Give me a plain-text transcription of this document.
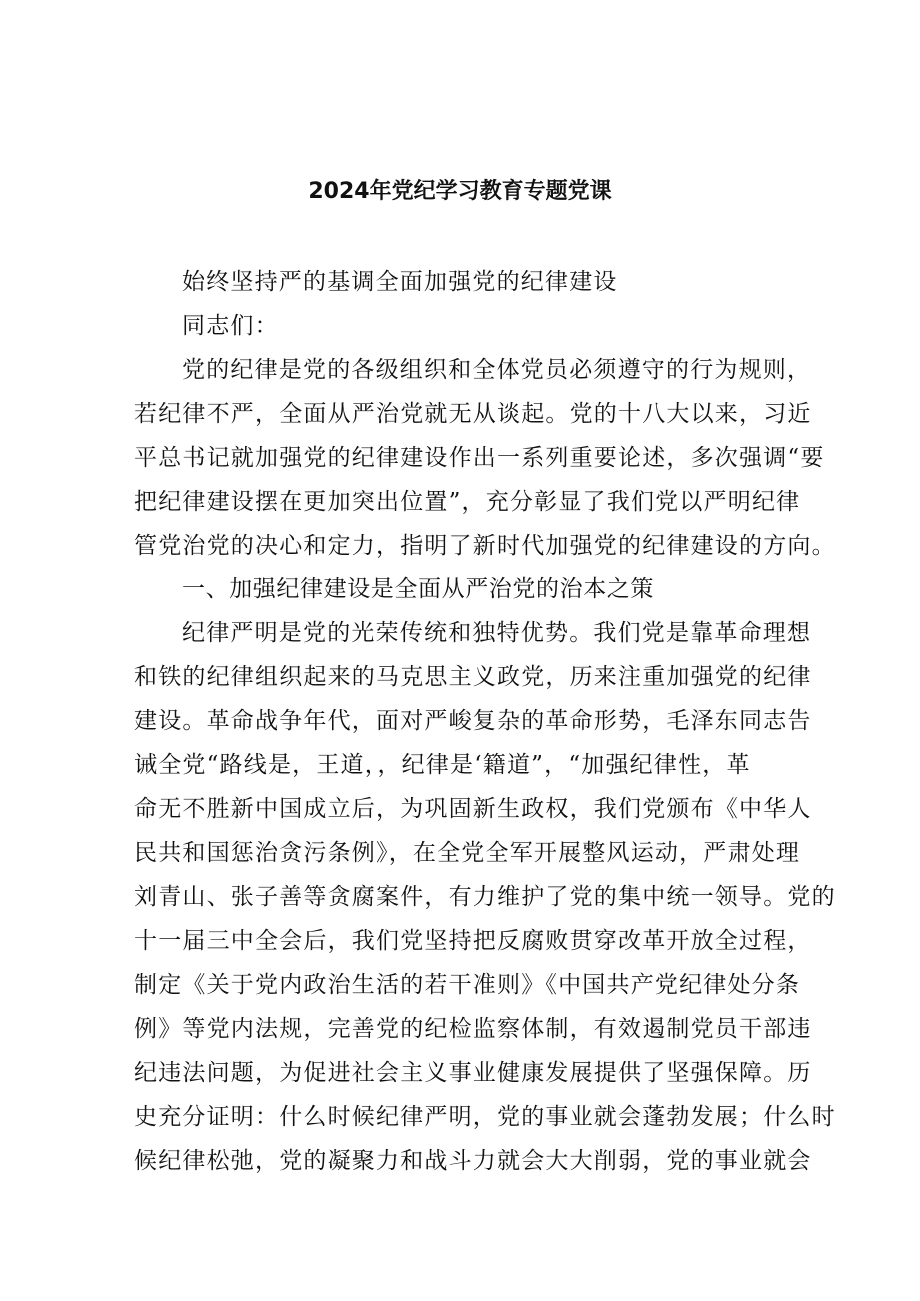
2024年党纪学习教育专题党课
始终坚持严的基调全面加强党的纪律建设
同志们：
党的纪律是党的各级组织和全体党员必须遵守的行为规则，
若纪律不严，全面从严治党就无从谈起。党的十八大以来，习近
平总书记就加强党的纪律建设作出一系列重要论述，多次强调“要
把纪律建设摆在更加突出位置”，充分彰显了我们党以严明纪律
管党治党的决心和定力，指明了新时代加强党的纪律建设的方向。
一、加强纪律建设是全面从严治党的治本之策
纪律严明是党的光荣传统和独特优势。我们党是靠革命理想
和铁的纪律组织起来的马克思主义政党，历来注重加强党的纪律
建设。革命战争年代，面对严峻复杂的革命形势，毛泽东同志告
诫全党“路线是，王道，，纪律是‘籍道”，“加强纪律性，革
命无不胜新中国成立后，为巩固新生政权，我们党颁布《中华人
民共和国惩治贪污条例》，在全党全军开展整风运动，严肃处理
刘青山、张子善等贪腐案件，有力维护了党的集中统一领导。党的
十一届三中全会后，我们党坚持把反腐败贯穿改革开放全过程，
制定《关于党内政治生活的若干准则》《中国共产党纪律处分条
例》等党内法规，完善党的纪检监察体制，有效遏制党员干部违
纪违法问题，为促进社会主义事业健康发展提供了坚强保障。历
史充分证明：什么时候纪律严明，党的事业就会蓬勃发展；什么时
候纪律松弛，党的凝聚力和战斗力就会大大削弱，党的事业就会
